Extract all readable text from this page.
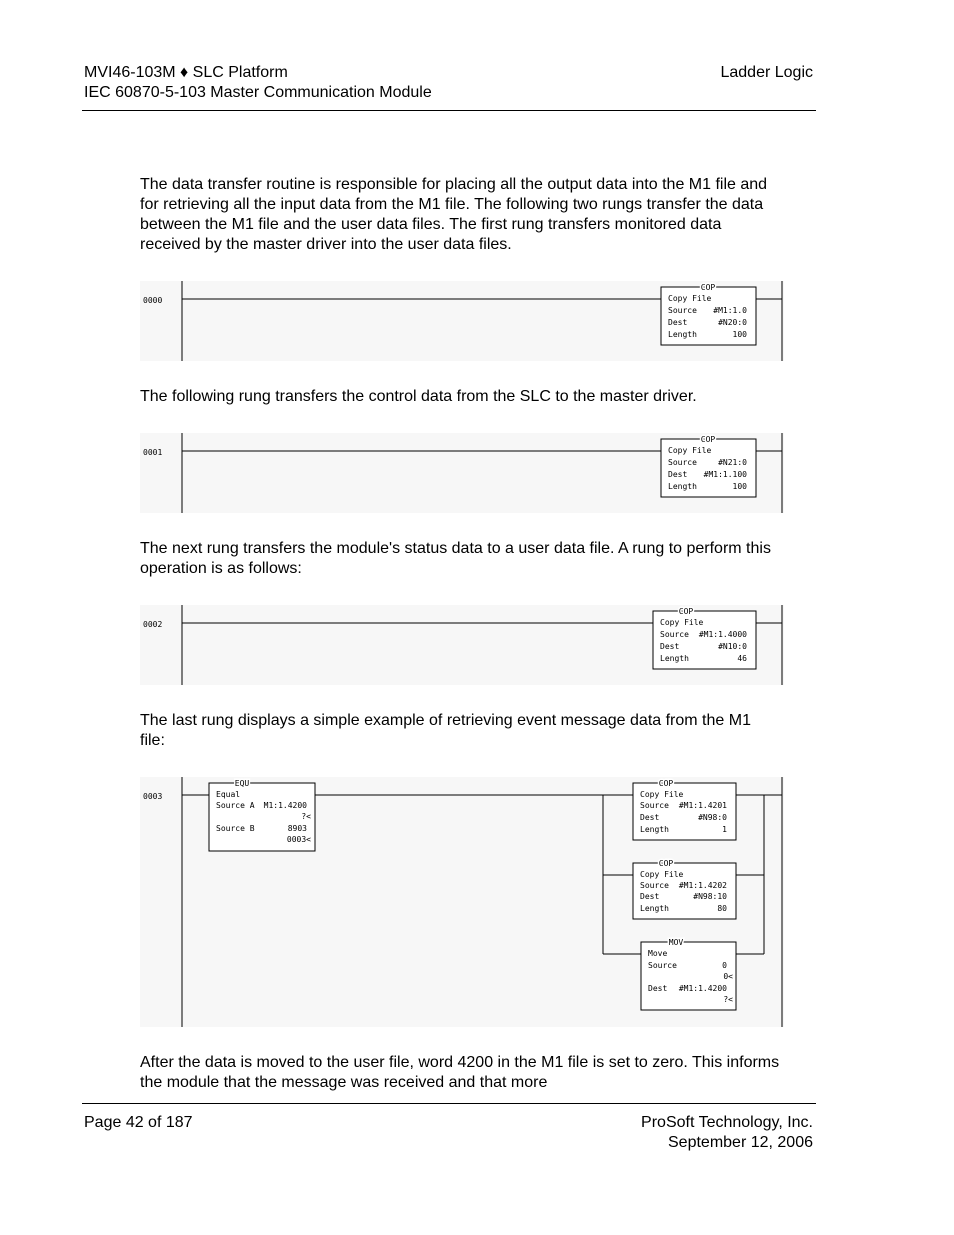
MVI46-103M ♦ SLC Platform
IEC 60870-5-103 Master Communication Module
Ladder Logic
The data transfer routine is responsible for placing all the output data into the M1 file and for retrieving all the input data from the M1 file. The following two rungs transfer the data between the M1 file and the user data files. The first rung transfers monitored data received by the master driver into the user data files.
0000
COP
Copy File
Source #M1:1.0
Dest	#N20:0
Length	100
The following rung transfers the control data from the SLC to the master driver.
0001
COP
Copy File
Source	#N21:0
Dest #M1:1.100
Length	100
The next rung transfers the module's status data to a user data file. A rung to perform this operation is as follows:
0002
COP
Copy File
Source #M1:1.4000
Dest	#N10:0
Length	46
The last rung displays a simple example of retrieving event message data from the M1 file:
0003
EQU
Equal
Source A M1:1.4200
?<
Source B	8903
0003<
COP
Copy File
Source #M1:1.4201
Dest	#N98:0
Length	1
COP
Copy File
Source #M1:1.4202
Dest	#N98:10
Length	80
MOV
Move
Source	0
0<
Dest #M1:1.4200
?<
After the data is moved to the user file, word 4200 in the M1 file is set to zero. This informs the module that the message was received and that more
Page 42 of 187	ProSoft Technology, Inc.
September 12, 2006
